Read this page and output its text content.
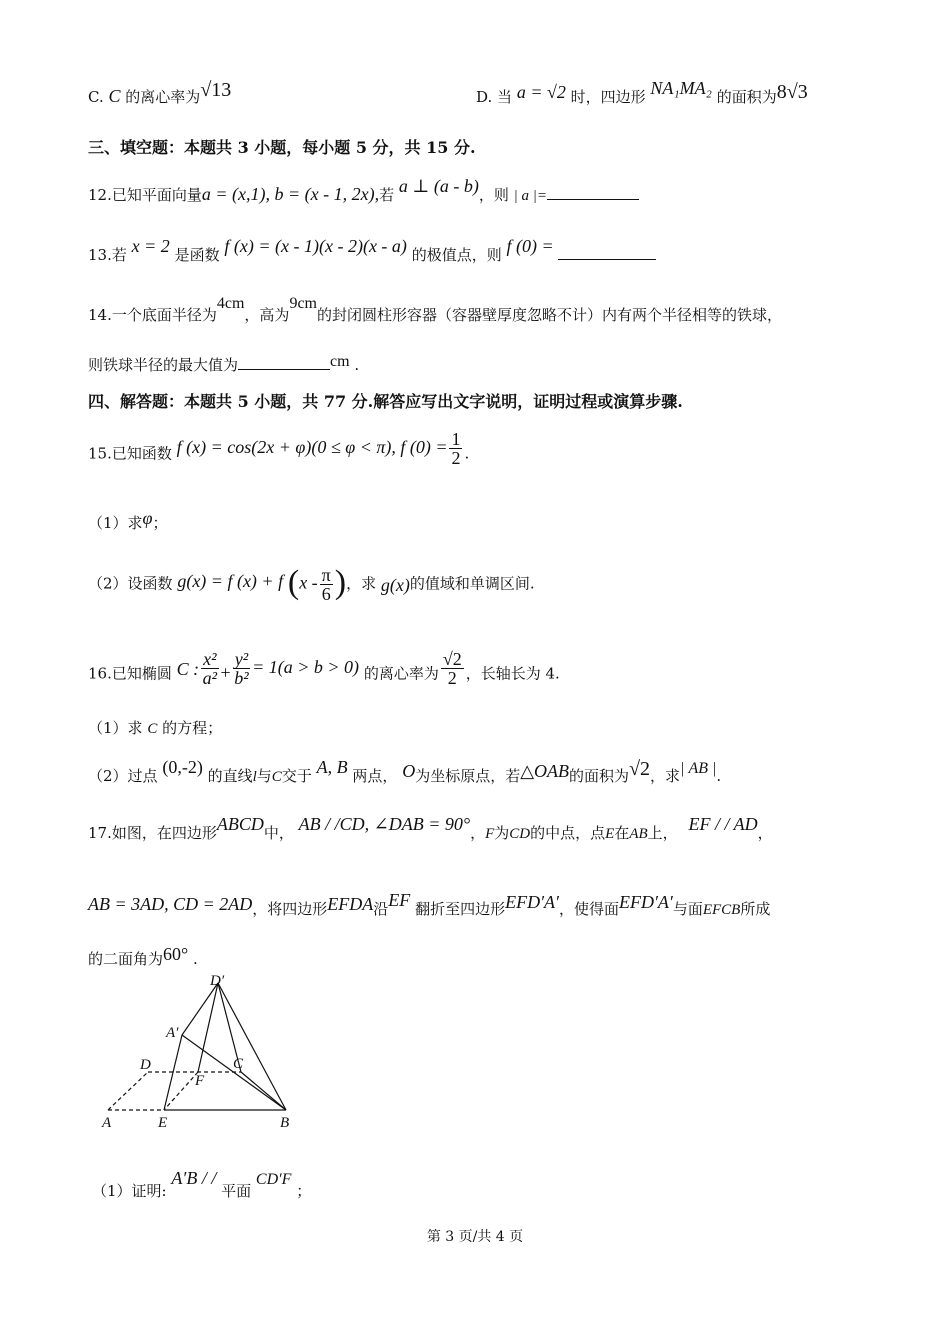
C. C 的离心率为√13	D. 当 a = √2 时，四边形 NA₁MA₂ 的面积为8√3
三、填空题：本题共 3 小题，每小题 5 分，共 15 分.
12.已知平面向量a = (x,1), b = (x - 1, 2x),若 a ⊥ (a - b)，则 | a |=
13.若 x = 2 是函数 f (x) = (x - 1)(x - 2)(x - a) 的极值点，则 f (0) =
14.一个底面半径为4cm，高为9cm的封闭圆柱形容器（容器壁厚度忽略不计）内有两个半径相等的铁球，
则铁球半径的最大值为	cm .
四、解答题：本题共 5 小题，共 77 分.解答应写出文字说明，证明过程或演算步骤.
15.已知函数 f (x) = cos(2x + φ)(0 ≤ φ < π), f $(0) = \frac{1}{2}$ .
（1）求φ；
（2）设函数 g(x) = f (x) + f ($x - \frac{\pi}{6}$ )，求 g(x)的值域和单调区间.
16.已知椭圆 C : $\frac{\text{x²}}{\text{a²}} + \frac{\text{y²}}{\text{b²}} = 1(a > b > 0)$ 的离心率为 $\frac{√2}{2}$ ，长轴长为 4.
（1）求 C 的方程；
（2）过点 (0,-2) 的直线l与C交于 A, B 两点， O为坐标原点，若△OAB的面积为√2，求| AB |.
17.如图，在四边形ABCD中， AB / /CD, ∠DAB = 90°，F为CD的中点，点E在AB上， EF / / AD，
AB = 3AD, CD = 2AD，将四边形EFDA沿EF 翻折至四边形EFD′A′，使得面EFD′A′与面EFCB所成
的二面角为60° .
D′
A′
D	C
F
A	E	B
（1）证明: A′B / / 平面 CD′F ；
第 3 页/共 4 页
